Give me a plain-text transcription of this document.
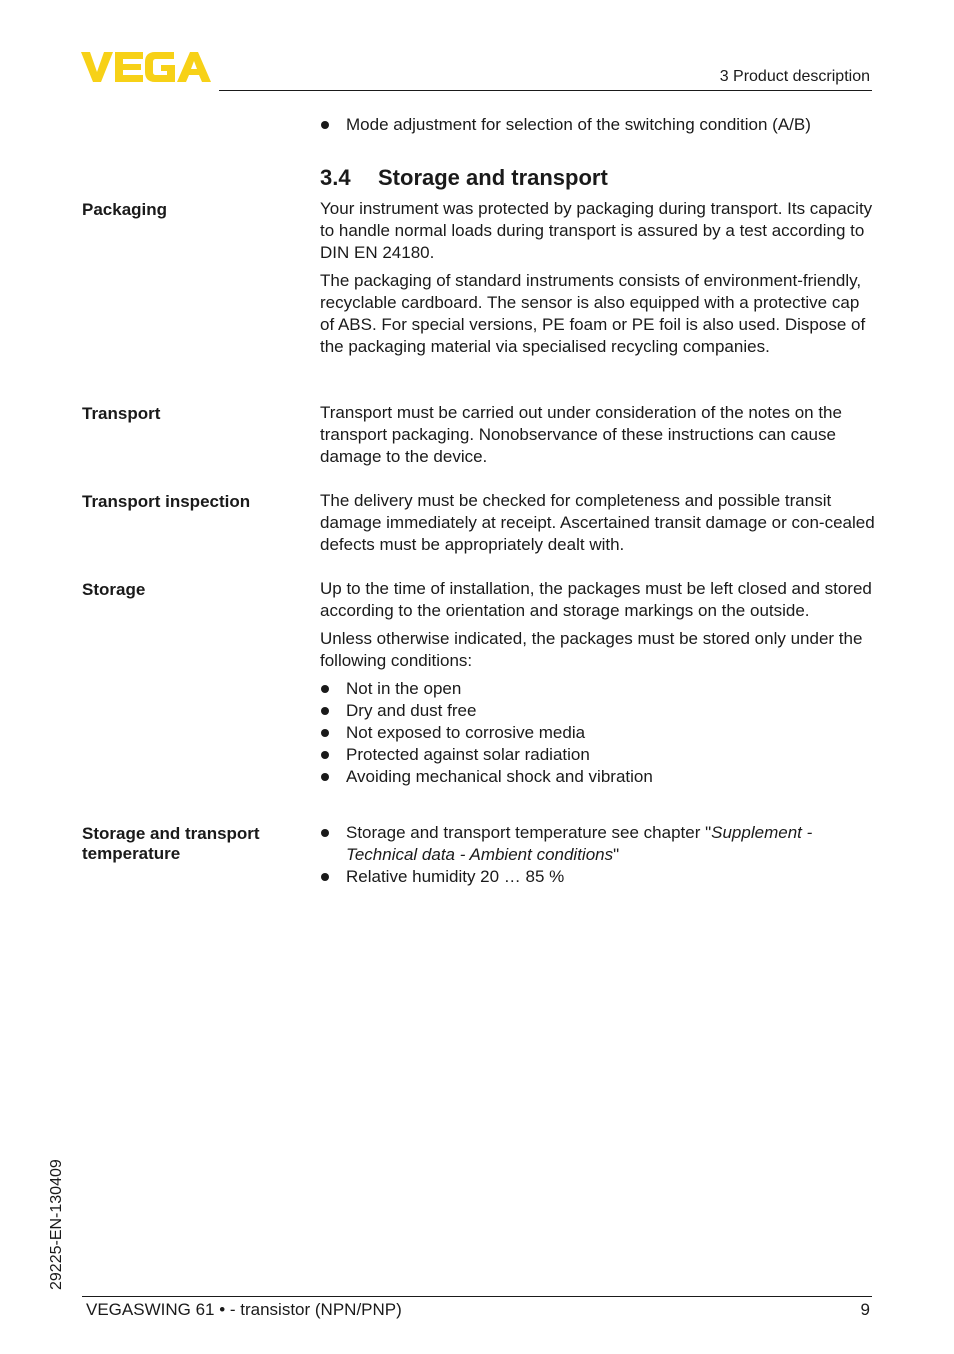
3 Product description
Mode adjustment for selection of the switching condition (A/B)
3.4 Storage and transport
Packaging	Your instrument was protected by packaging during transport. Its capacity to handle normal loads during transport is assured by a test according to DIN EN 24180.

The packaging of standard instruments consists of environment-friendly, recyclable cardboard. The sensor is also equipped with a protective cap of ABS. For special versions, PE foam or PE foil is also used. Dispose of the packaging material via specialised recycling companies.

Transport	Transport must be carried out under consideration of the notes on the transport packaging. Nonobservance of these instructions can cause damage to the device.

Transport inspection	The delivery must be checked for completeness and possible transit damage immediately at receipt. Ascertained transit damage or con-cealed defects must be appropriately dealt with.

Storage	Up to the time of installation, the packages must be left closed and stored according to the orientation and storage markings on the outside.

Unless otherwise indicated, the packages must be stored only under the following conditions:

Not in the open
Dry and dust free
Not exposed to corrosive media
Protected against solar radiation
Avoiding mechanical shock and vibration
Storage and transport temperature
Storage and transport temperature see chapter "Supplement - Technical data - Ambient conditions"
Relative humidity 20 … 85 %
29225-EN-130409
VEGASWING 61 • - transistor (NPN/PNP)	9
